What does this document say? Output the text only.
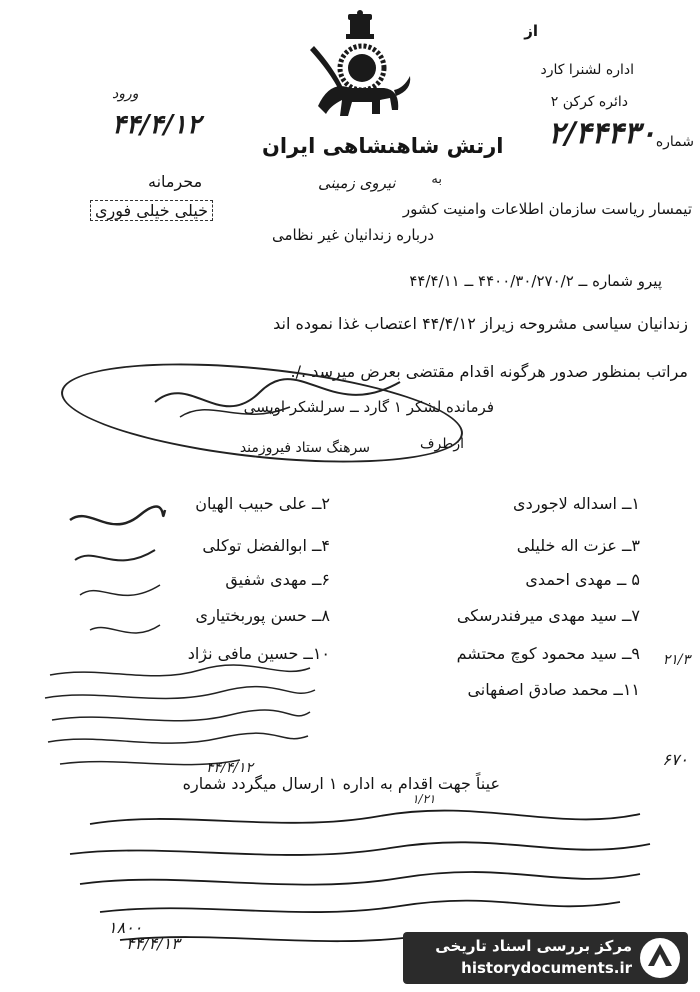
از
اداره لشنرا کارد
دائره کرکن ۲
شماره
۲/۴۴۴۳۰
به
ارتش شاهنشاهی ایران
نیروی زمینی
ورود
۴۴/۴/۱۲
محرمانه
خیلی خیلی فوری	تیمسار ریاست سازمان اطلاعات وامنیت کشور
درباره زندانیان غیر نظامی
پیرو شماره ــ ۴۴۰۰/۳۰/۲۷۰/۲ ــ ۴۴/۴/۱۱
زندانیان سیاسی مشروحه زیراز ۴۴/۴/۱۲ اعتصاب غذا نموده اند
مراتب بمنظور صدور هرگونه اقدام مقتضی بعرض میرسد ./.
فرمانده لشکر ۱ گارد ــ سرلشکر اویسی
ازطرف
سرهنگ ستاد فیروزمند
۱ــ اسداله لاجوردی
۳ــ عزت اله خلیلی
۵ ــ مهدی احمدی
۷ــ سید مهدی میرفندرسکی
۹ــ سید محمود کوچ محتشم
۱۱ــ محمد صادق اصفهانی
۲ــ علی حبیب الهیان
۴ــ ابوالفضل توکلی
۶ــ مهدی شفیق
۸ــ حسن پوربختیاری
۱۰ــ حسین مافی نژاد
۴۴/۴/۱۲
۲۱/۳
۶۷۰
عیناً جهت اقدام به اداره ۱ ارسال میگردد شماره
۱/۲۱
۱۸۰۰
۴۴/۴/۱۳	مرکز بررسی اسناد تاریخی
historydocuments.ir
